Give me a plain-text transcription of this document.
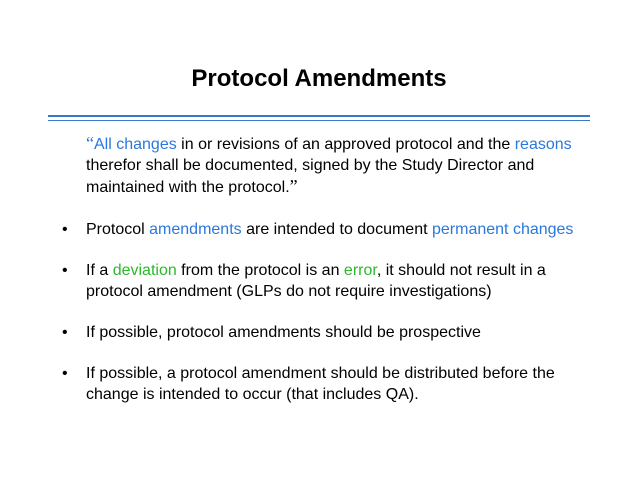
Protocol Amendments
“All changes in or revisions of an approved protocol and the reasons therefor shall be documented, signed by the Study Director and maintained with the protocol.”
• Protocol amendments are intended to document permanent changes
• If a deviation from the protocol is an error, it should not result in a protocol amendment (GLPs do not require investigations)
• If possible, protocol amendments should be prospective
• If possible, a protocol amendment should be distributed before the change is intended to occur (that includes QA).
